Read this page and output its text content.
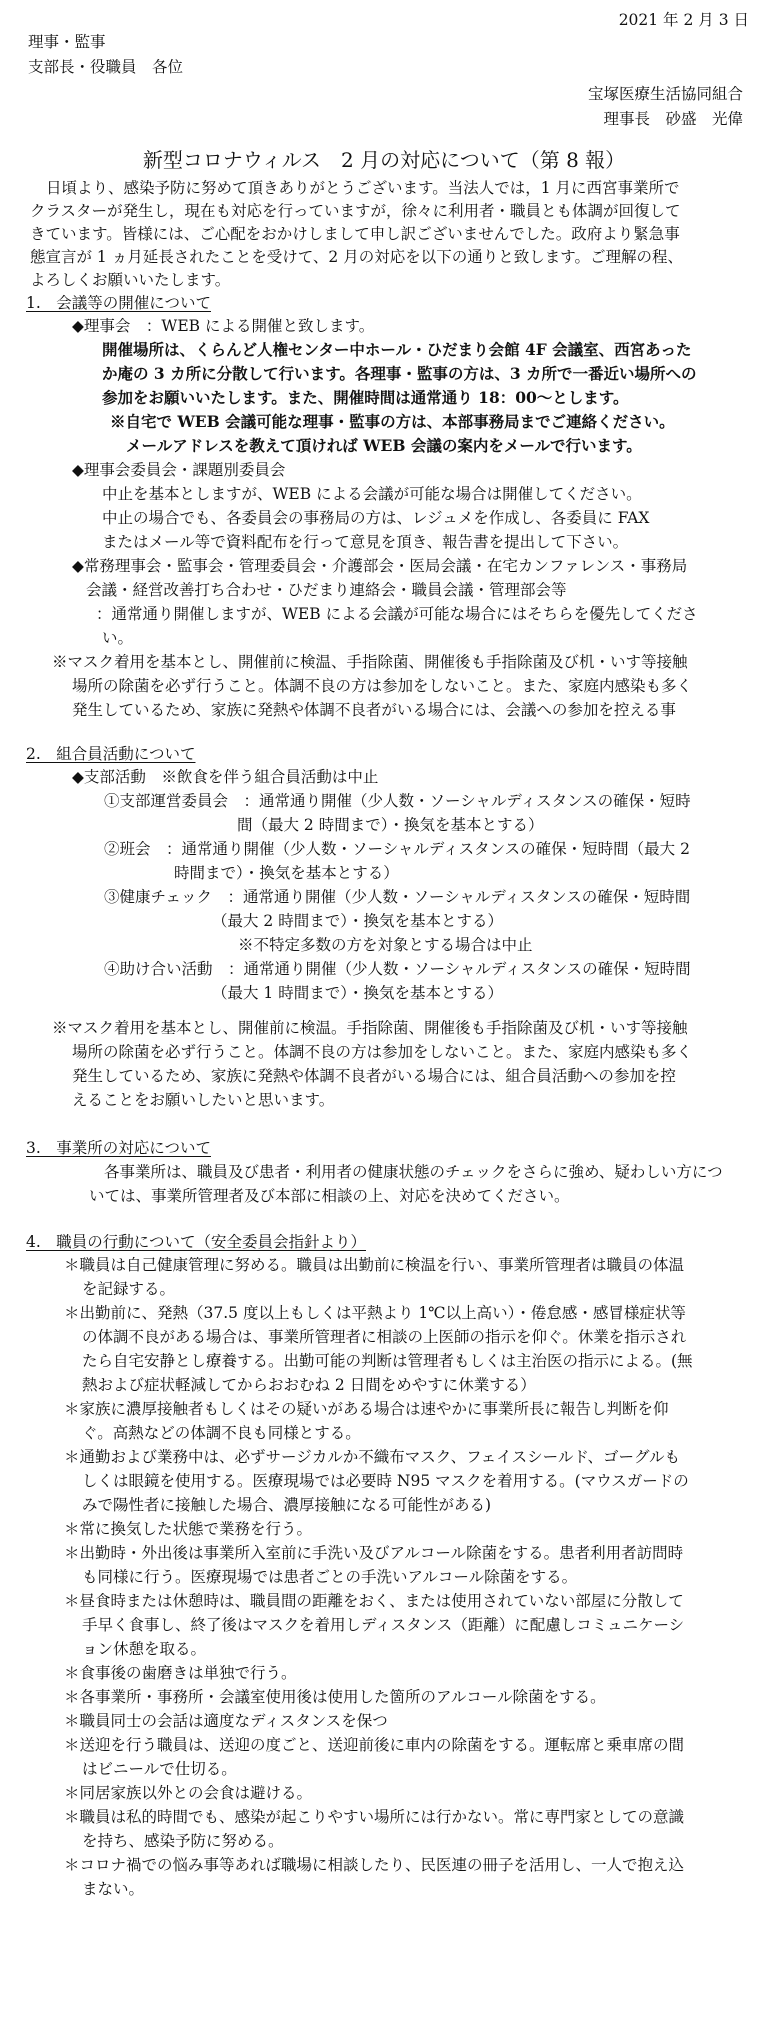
2021 年 2 月 3 日
理事・監事
支部長・役職員　各位
宝塚医療生活協同組合
理事長　砂盛　光偉
新型コロナウィルス　2 月の対応について（第 8 報）
日頃より、感染予防に努めて頂きありがとうございます。当法人では，1 月に西宮事業所で
クラスターが発生し，現在も対応を行っていますが，徐々に利用者・職員とも体調が回復して
きています。皆様には、ご心配をおかけしまして申し訳ございませんでした。政府より緊急事
態宣言が 1 ヵ月延長されたことを受けて、2 月の対応を以下の通りと致します。ご理解の程、
よろしくお願いいたします。
1.　会議等の開催について
◆理事会　：WEB による開催と致します。
開催場所は、くらんど人権センター中ホール・ひだまり会館 4F 会議室、西宮あった
か庵の 3 カ所に分散して行います。各理事・監事の方は、3 カ所で一番近い場所への
参加をお願いいたします。また、開催時間は通常通り 18：00～とします。
※自宅で WEB 会議可能な理事・監事の方は、本部事務局までご連絡ください。
メールアドレスを教えて頂ければ WEB 会議の案内をメールで行います。
◆理事会委員会・課題別委員会
中止を基本としますが、WEB による会議が可能な場合は開催してください。
中止の場合でも、各委員会の事務局の方は、レジュメを作成し、各委員に FAX
またはメール等で資料配布を行って意見を頂き、報告書を提出して下さい。
◆常務理事会・監事会・管理委員会・介護部会・医局会議・在宅カンファレンス・事務局
会議・経営改善打ち合わせ・ひだまり連絡会・職員会議・管理部会等
：通常通り開催しますが、WEB による会議が可能な場合にはそちらを優先してくださ
い。
※マスク着用を基本とし、開催前に検温、手指除菌、開催後も手指除菌及び机・いす等接触
場所の除菌を必ず行うこと。体調不良の方は参加をしないこと。また、家庭内感染も多く
発生しているため、家族に発熱や体調不良者がいる場合には、会議への参加を控える事
2.　組合員活動について
◆支部活動　※飲食を伴う組合員活動は中止
①支部運営委員会　：通常通り開催（少人数・ソーシャルディスタンスの確保・短時
間（最大 2 時間まで）・換気を基本とする）
②班会　：通常通り開催（少人数・ソーシャルディスタンスの確保・短時間（最大 2
時間まで）・換気を基本とする）
③健康チェック　：通常通り開催（少人数・ソーシャルディスタンスの確保・短時間
（最大 2 時間まで）・換気を基本とする）
※不特定多数の方を対象とする場合は中止
④助け合い活動　：通常通り開催（少人数・ソーシャルディスタンスの確保・短時間
（最大 1 時間まで）・換気を基本とする）
※マスク着用を基本とし、開催前に検温。手指除菌、開催後も手指除菌及び机・いす等接触
場所の除菌を必ず行うこと。体調不良の方は参加をしないこと。また、家庭内感染も多く
発生しているため、家族に発熱や体調不良者がいる場合には、組合員活動への参加を控
えることをお願いしたいと思います。
3.　事業所の対応について
各事業所は、職員及び患者・利用者の健康状態のチェックをさらに強め、疑わしい方につ
いては、事業所管理者及び本部に相談の上、対応を決めてください。
4.　職員の行動について（安全委員会指針より）
＊職員は自己健康管理に努める。職員は出勤前に検温を行い、事業所管理者は職員の体温
を記録する。
＊出勤前に、発熱（37.5 度以上もしくは平熱より 1℃以上高い）・倦怠感・感冒様症状等
の体調不良がある場合は、事業所管理者に相談の上医師の指示を仰ぐ。休業を指示され
たら自宅安静とし療養する。出勤可能の判断は管理者もしくは主治医の指示による。(無
熱および症状軽減してからおおむね 2 日間をめやすに休業する）
＊家族に濃厚接触者もしくはその疑いがある場合は速やかに事業所長に報告し判断を仰
ぐ。高熱などの体調不良も同様とする。
＊通勤および業務中は、必ずサージカルか不織布マスク、フェイスシールド、ゴーグルも
しくは眼鏡を使用する。医療現場では必要時 N95 マスクを着用する。(マウスガードの
みで陽性者に接触した場合、濃厚接触になる可能性がある)
＊常に換気した状態で業務を行う。
＊出勤時・外出後は事業所入室前に手洗い及びアルコール除菌をする。患者利用者訪問時
も同様に行う。医療現場では患者ごとの手洗いアルコール除菌をする。
＊昼食時または休憩時は、職員間の距離をおく、または使用されていない部屋に分散して
手早く食事し、終了後はマスクを着用しディスタンス（距離）に配慮しコミュニケーシ
ョン休憩を取る。
＊食事後の歯磨きは単独で行う。
＊各事業所・事務所・会議室使用後は使用した箇所のアルコール除菌をする。
＊職員同士の会話は適度なディスタンスを保つ
＊送迎を行う職員は、送迎の度ごと、送迎前後に車内の除菌をする。運転席と乗車席の間
はビニールで仕切る。
＊同居家族以外との会食は避ける。
＊職員は私的時間でも、感染が起こりやすい場所には行かない。常に専門家としての意識
を持ち、感染予防に努める。
＊コロナ禍での悩み事等あれば職場に相談したり、民医連の冊子を活用し、一人で抱え込
まない。
